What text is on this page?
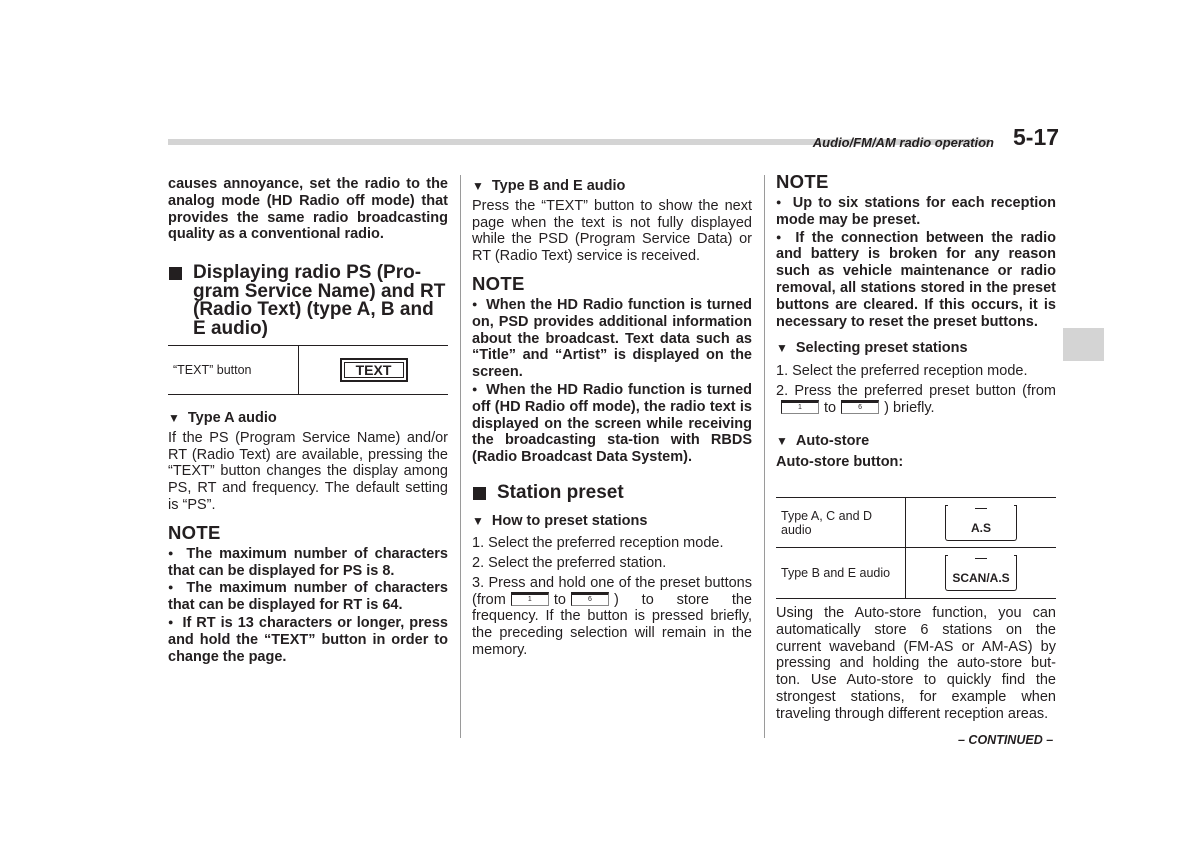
Audio/FM/AM radio operation 5-17

causes annoyance, set the radio to the analog mode (HD Radio off mode) that provides the same radio broadcasting quality as a conventional radio.

Displaying radio PS (Pro-gram Service Name) and RT (Radio Text) (type A, B and E audio)
“TEXT” button	TEXT

▼ Type A audio

If the PS (Program Service Name) and/or RT (Radio Text) are available, pressing the “TEXT” button changes the display among PS, RT and frequency. The default setting is “PS”.

NOTE

● The maximum number of characters that can be displayed for PS is 8.

● The maximum number of characters that can be displayed for RT is 64.

● If RT is 13 characters or longer, press and hold the “TEXT” button in order to change the page.

▼ Type B and E audio

Press the “TEXT” button to show the next page when the text is not fully displayed while the PSD (Program Service Data) or RT (Radio Text) service is received.

NOTE

● When the HD Radio function is turned on, PSD provides additional information about the broadcast. Text data such as “Title” and “Artist” is displayed on the screen.

● When the HD Radio function is turned off (HD Radio off mode), the radio text is displayed on the screen while receiving the broadcasting sta-tion with RBDS (Radio Broadcast Data System).

Station preset

▼ How to preset stations

1. Select the preferred reception mode.

2. Select the preferred station.

3. Press and hold one of the preset buttons (from	1 to	6 ) to store the frequency. If the button is pressed briefly, the preceding selection will remain in the memory.

NOTE

● Up to six stations for each reception mode may be preset.

● If the connection between the radio and battery is broken for any reason such as vehicle maintenance or radio removal, all stations stored in the preset buttons are cleared. If this occurs, it is necessary to reset the preset buttons.

▼ Selecting preset stations

1. Select the preferred reception mode.

2. Press the preferred preset button (from1 to	6 ) briefly.

▼ Auto-store

Auto-store button:

Type A, C and D audio	A.S
Type B and E audio	SCAN/A.S

Using the Auto-store function, you can automatically store 6 stations on the current waveband (FM-AS or AM-AS) by pressing and holding the auto-store but-ton. Use Auto-store to quickly find the strongest stations, for example when traveling through different reception areas.

– CONTINUED –
